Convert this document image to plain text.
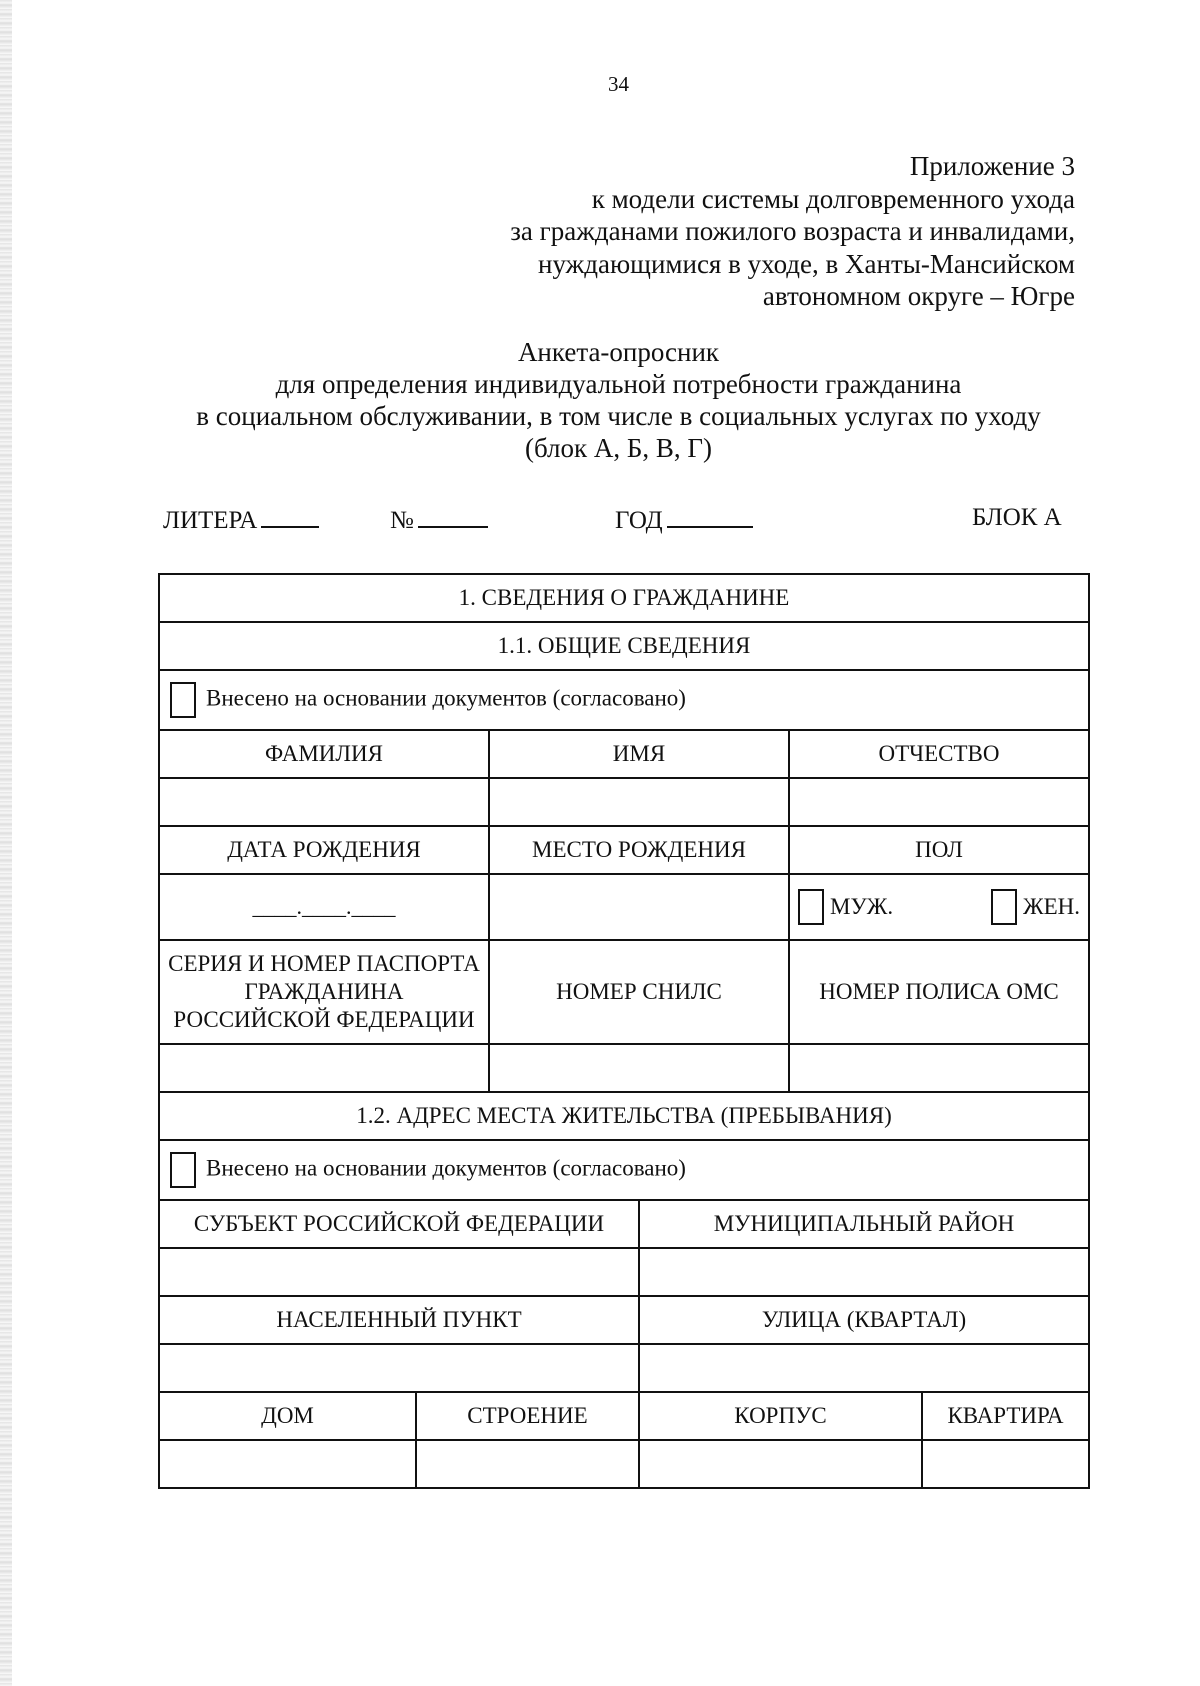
34
Приложение 3
к модели системы долговременного ухода
за гражданами пожилого возраста и инвалидами,
нуждающимися в уходе, в Ханты-Мансийском
автономном округе – Югре
Анкета-опросник
для определения индивидуальной потребности гражданина
в социальном обслуживании, в том числе в социальных услугах по уходу
(блок А, Б, В, Г)
ЛИТЕРА	№	ГОД	БЛОК А
1. СВЕДЕНИЯ О ГРАЖДАНИНЕ					
1.1. ОБЩИЕ СВЕДЕНИЯ					
Внесено на основании документов (согласовано)					
ФАМИЛИЯ		ИМЯ		ОТЧЕСТВО	

ДАТА РОЖДЕНИЯ		МЕСТО РОЖДЕНИЯ		ПОЛ	
____.____.____				МУЖ. ЖЕН.	

СЕРИЯ И НОМЕР ПАСПОРТА ГРАЖДАНИНА РОССИЙСКОЙ ФЕДЕРАЦИИ		НОМЕР СНИЛС		НОМЕР ПОЛИСА ОМС	

1.2. АДРЕС МЕСТА ЖИТЕЛЬСТВА (ПРЕБЫВАНИЯ)					
Внесено на основании документов (согласовано)					
СУБЪЕКТ РОССИЙСКОЙ ФЕДЕРАЦИИ			МУНИЦИПАЛЬНЫЙ РАЙОН		

НАСЕЛЕННЫЙ ПУНКТ			УЛИЦА (КВАРТАЛ)		

ДОМ	СТРОЕНИЕ		КОРПУС		КВАРТИРА
